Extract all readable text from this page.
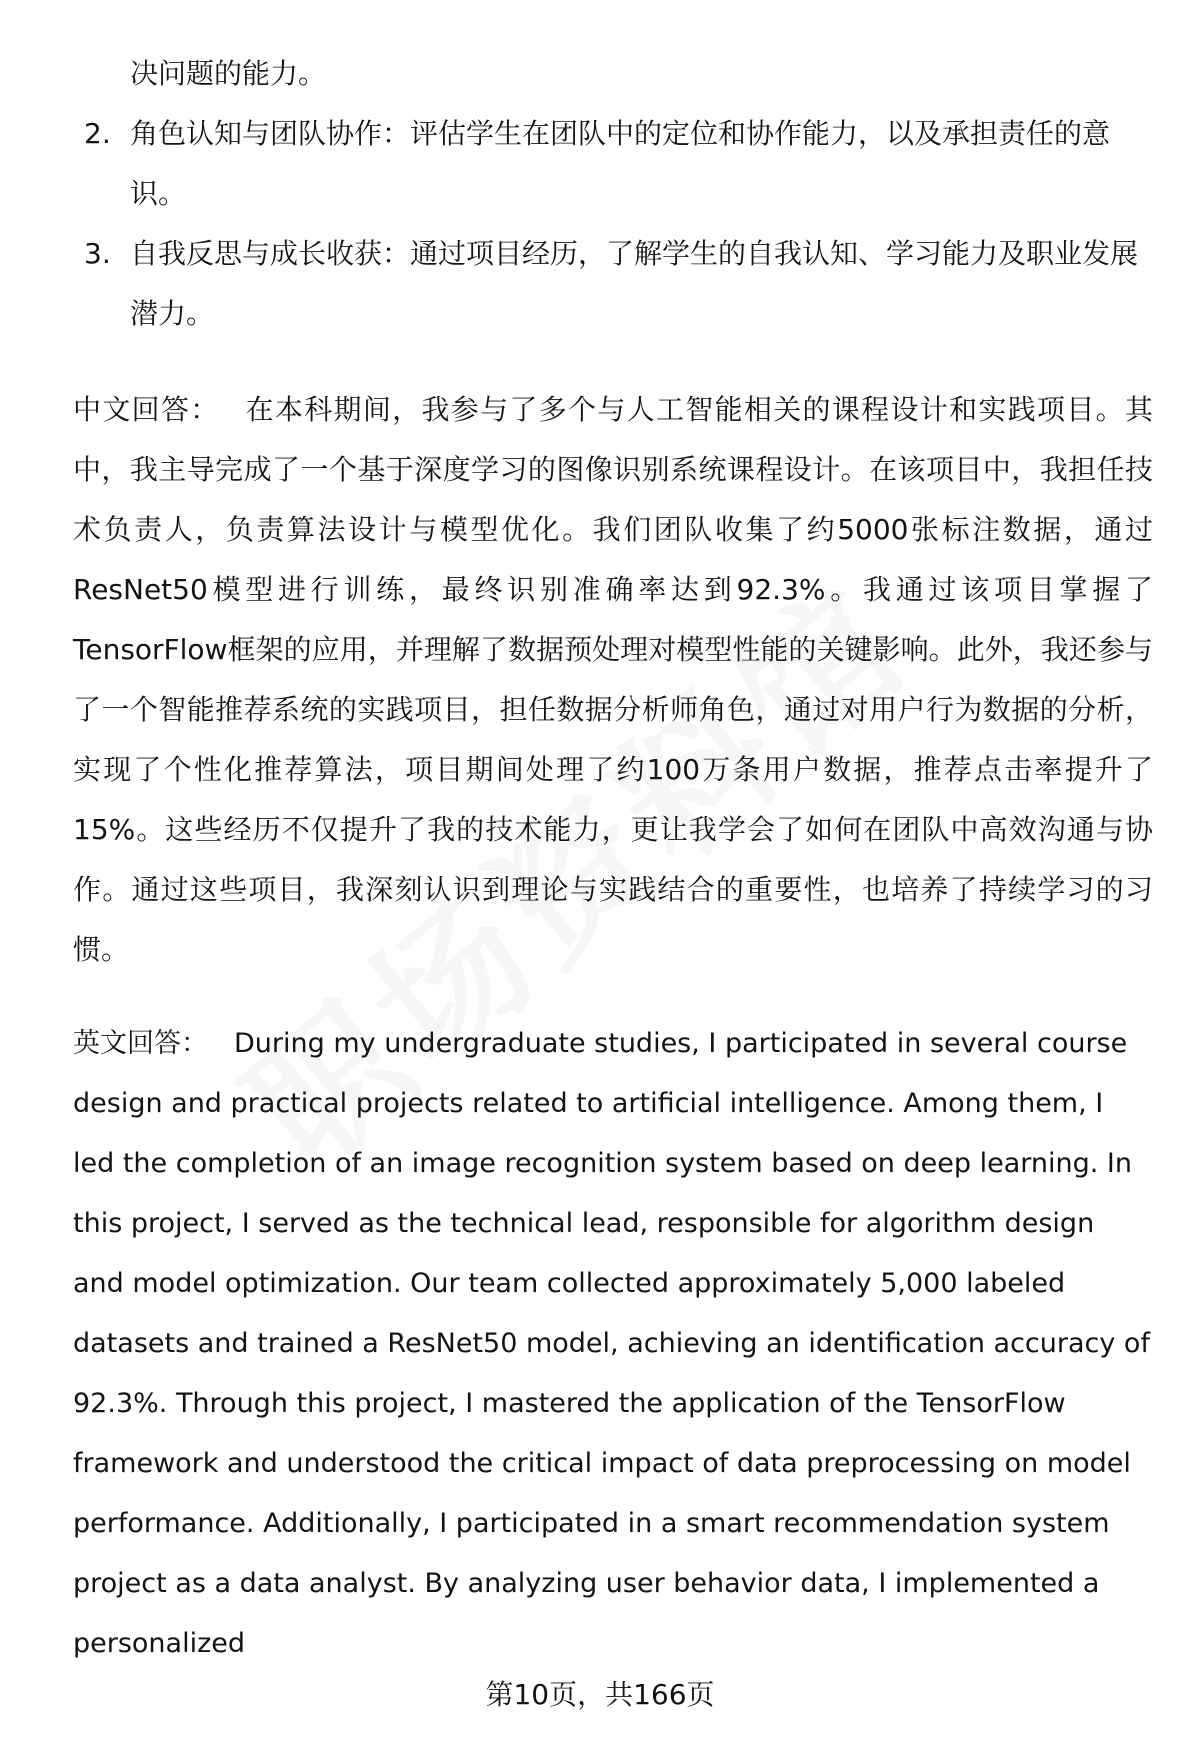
决问题的能力。
2. 角色认知与团队协作：评估学生在团队中的定位和协作能力，以及承担责任的意识。
3. 自我反思与成长收获：通过项目经历，了解学生的自我认知、学习能力及职业发展潜力。

中文回答： 在本科期间，我参与了多个与人工智能相关的课程设计和实践项目。其中，我主导完成了一个基于深度学习的图像识别系统课程设计。在该项目中，我担任技术负责人，负责算法设计与模型优化。我们团队收集了约5000张标注数据，通过ResNet50模型进行训练，最终识别准确率达到92.3%。我通过该项目掌握了TensorFlow框架的应用，并理解了数据预处理对模型性能的关键影响。此外，我还参与了一个智能推荐系统的实践项目，担任数据分析师角色，通过对用户行为数据的分析，实现了个性化推荐算法，项目期间处理了约100万条用户数据，推荐点击率提升了15%。这些经历不仅提升了我的技术能力，更让我学会了如何在团队中高效沟通与协作。通过这些项目，我深刻认识到理论与实践结合的重要性，也培养了持续学习的习惯。

英文回答： During my undergraduate studies, I participated in several course design and practical projects related to artificial intelligence. Among them, I led the completion of an image recognition system based on deep learning. In this project, I served as the technical lead, responsible for algorithm design and model optimization. Our team collected approximately 5,000 labeled datasets and trained a ResNet50 model, achieving an identification accuracy of 92.3%. Through this project, I mastered the application of the TensorFlow framework and understood the critical impact of data preprocessing on model performance. Additionally, I participated in a smart recommendation system project as a data analyst. By analyzing user behavior data, I implemented a personalized

第10页，共166页
